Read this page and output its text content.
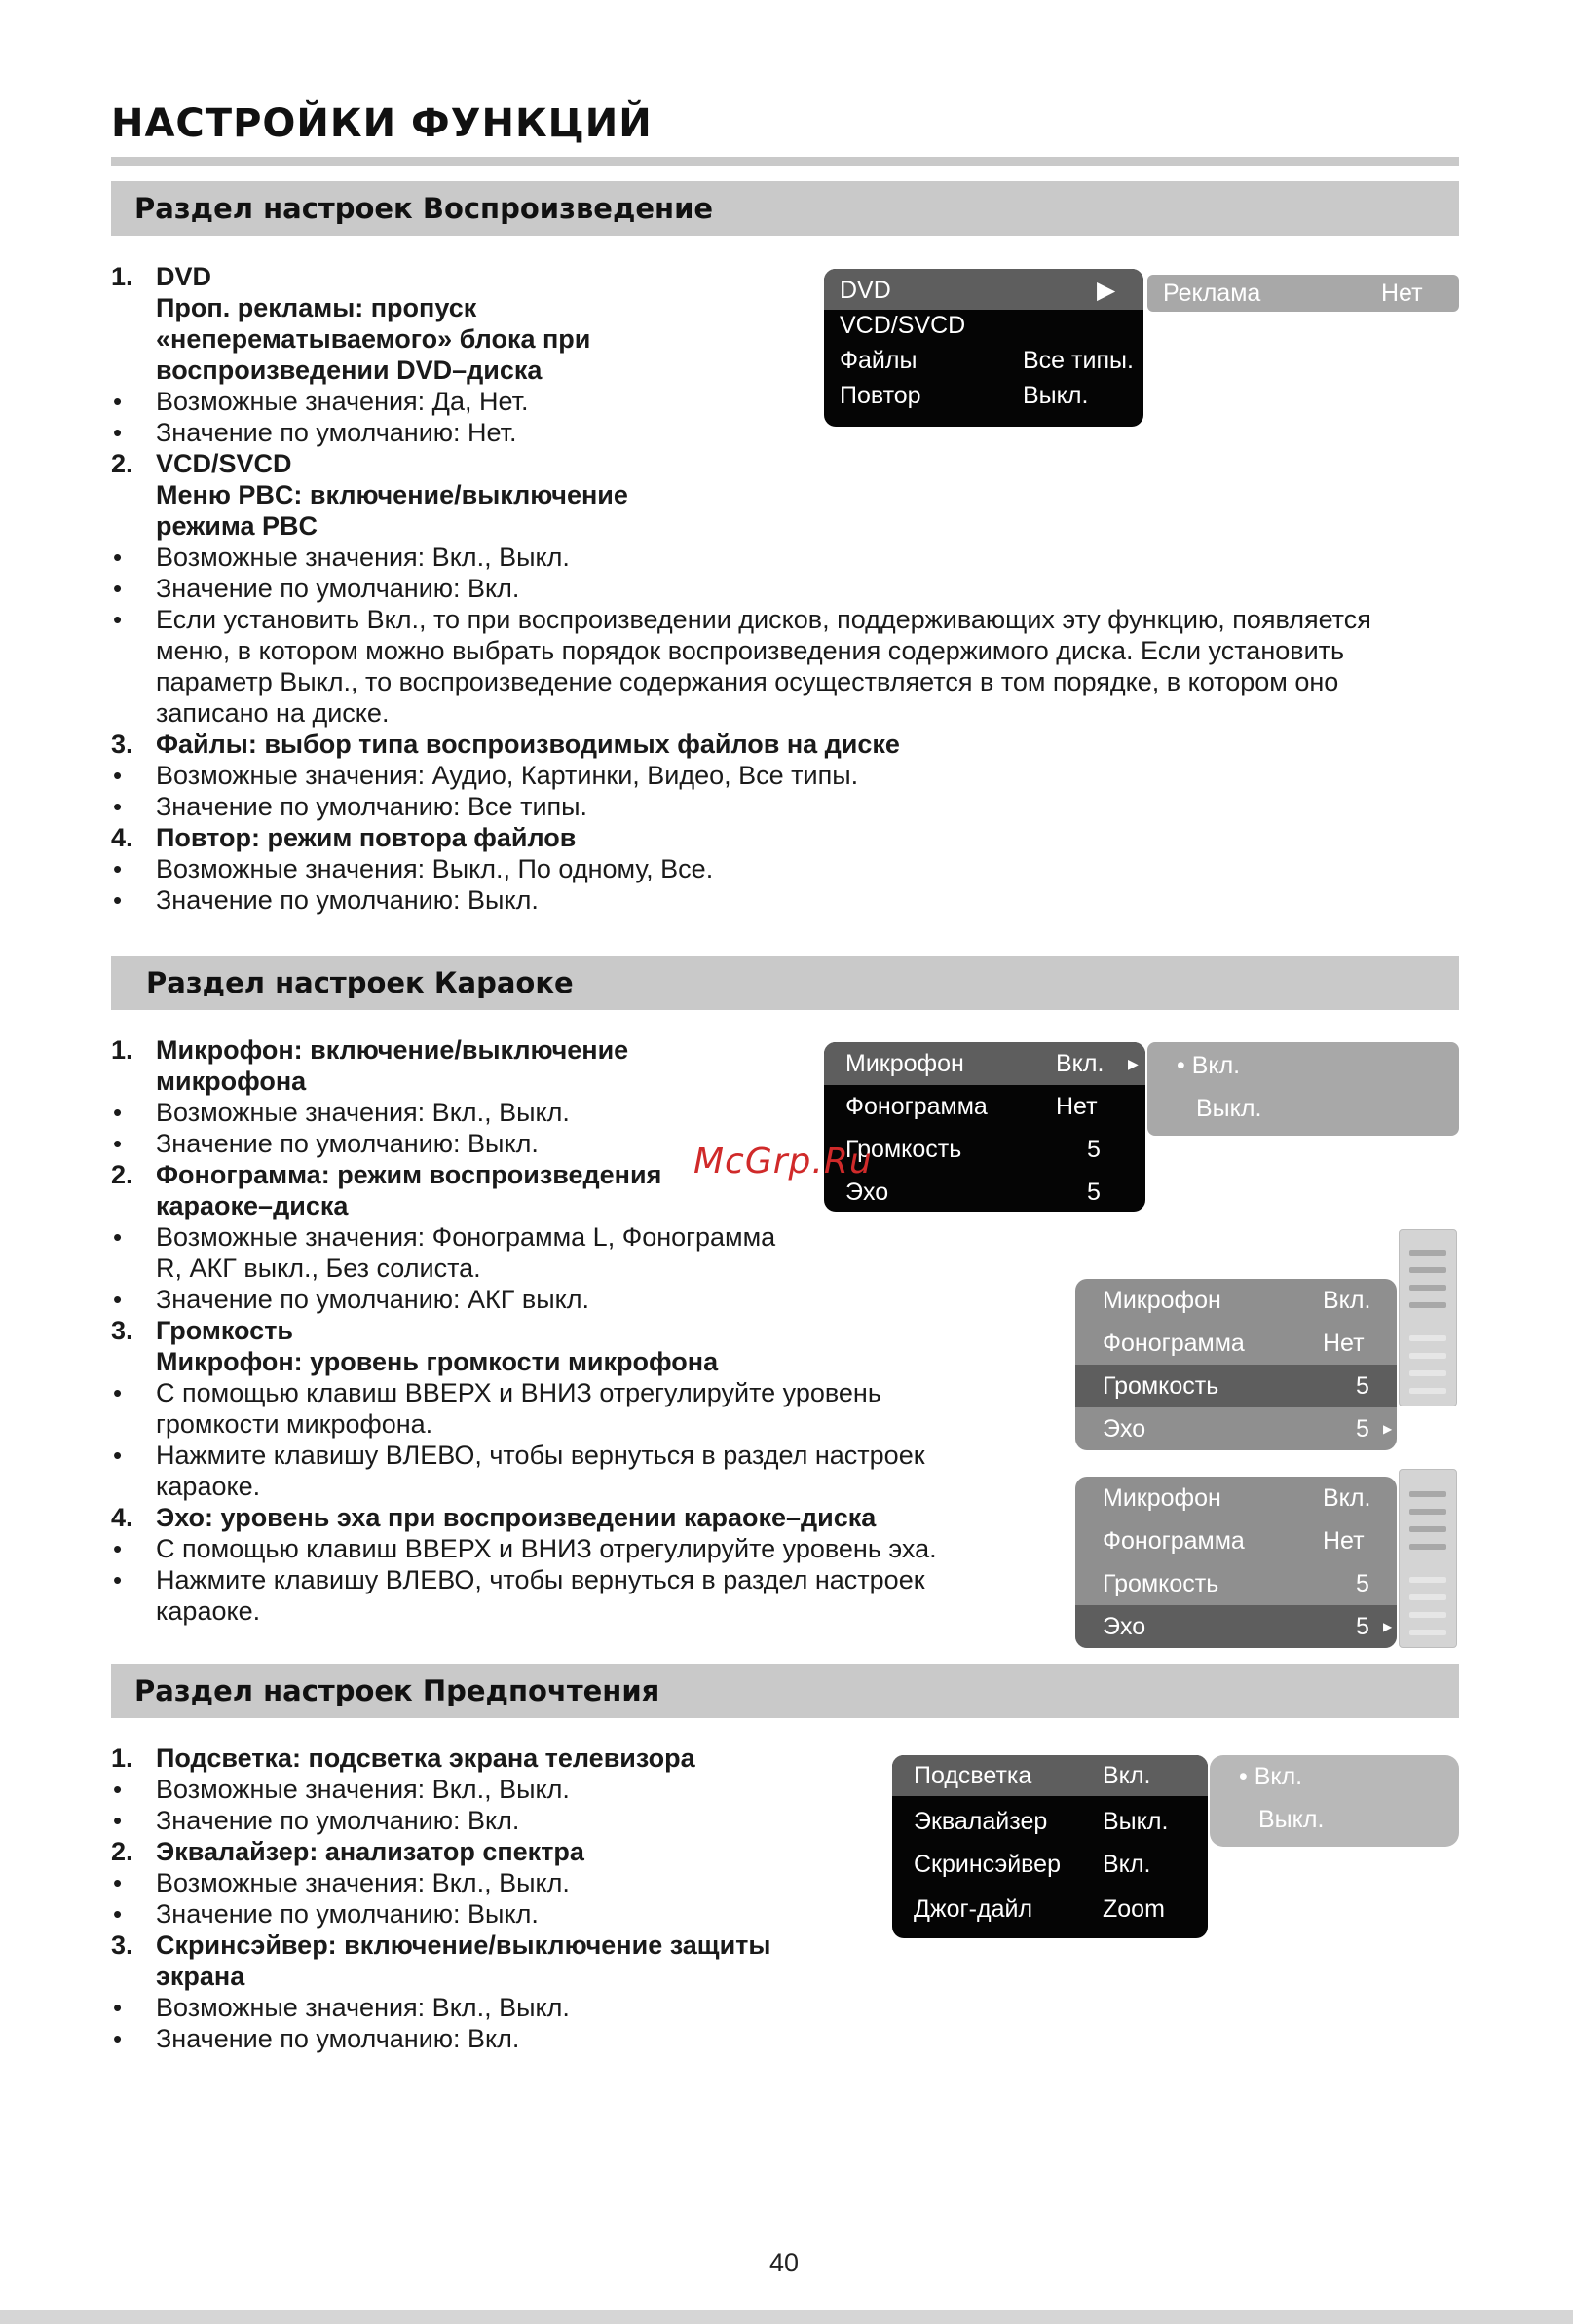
НАСТРОЙКИ ФУНКЦИЙ
Раздел настроек Воспроизведение
1. DVD
Проп. рекламы: пропуск
«неперематываемого» блока при
воспроизведении DVD–диска
• Возможные значения: Да, Нет.
• Значение по умолчанию: Нет.
2. VCD/SVCD
Меню PBC: включение/выключение
режима PBC
• Возможные значения: Вкл., Выкл.
• Значение по умолчанию: Вкл.
• Если установить Вкл., то при воспроизведении дисков, поддерживающих эту функцию, появляется
меню, в котором можно выбрать порядок воспроизведения содержимого диска. Если установить
параметр Выкл., то воспроизведение содержания осуществляется в том порядке, в котором оно
записано на диске.
3. Файлы: выбор типа воспроизводимых файлов на диске
• Возможные значения: Аудио, Картинки, Видео, Все типы.
• Значение по умолчанию: Все типы.
4. Повтор: режим повтора файлов
• Возможные значения: Выкл., По одному, Все.
• Значение по умолчанию: Выкл.
DVD	▶
VCD/SVCD
Файлы	Все типы.
Повтор	Выкл.
Реклама	Нет
Раздел настроек Караоке
1. Микрофон: включение/выключение
микрофона
• Возможные значения: Вкл., Выкл.
• Значение по умолчанию: Выкл.
2. Фонограмма: режим воспроизведения
караоке–диска
• Возможные значения: Фонограмма L, Фонограмма
R, АКГ выкл., Без солиста.
• Значение по умолчанию: АКГ выкл.
3. Громкость
Микрофон: уровень громкости микрофона
• С помощью клавиш ВВЕРХ и ВНИЗ отрегулируйте уровень
громкости микрофона.
• Нажмите клавишу ВЛЕВО, чтобы вернуться в раздел настроек
караоке.
4. Эхо: уровень эха при воспроизведении караоке–диска
• С помощью клавиш ВВЕРХ и ВНИЗ отрегулируйте уровень эха.
• Нажмите клавишу ВЛЕВО, чтобы вернуться в раздел настроек
караоке.
Микрофон	Вкл. ▶
Фонограмма	Нет
Громкость	5
Эхо	5
• Вкл.
Выкл.
Микрофон	Вкл.
Фонограмма	Нет
Громкость	5
Эхо	5 ▶
Микрофон	Вкл.
Фонограмма	Нет
Громкость	5
Эхо	5 ▶
Раздел настроек Предпочтения
1. Подсветка: подсветка экрана телевизора
• Возможные значения: Вкл., Выкл.
• Значение по умолчанию: Вкл.
2. Эквалайзер: анализатор спектра
• Возможные значения: Вкл., Выкл.
• Значение по умолчанию: Выкл.
3. Скринсэйвер: включение/выключение защиты
экрана
• Возможные значения: Вкл., Выкл.
• Значение по умолчанию: Вкл.
Подсветка	Вкл.
Эквалайзер Выкл.
Скринсэйвер Вкл.
Джог-дайл	Zoom
• Вкл.
Выкл.
McGrp.Ru
40
